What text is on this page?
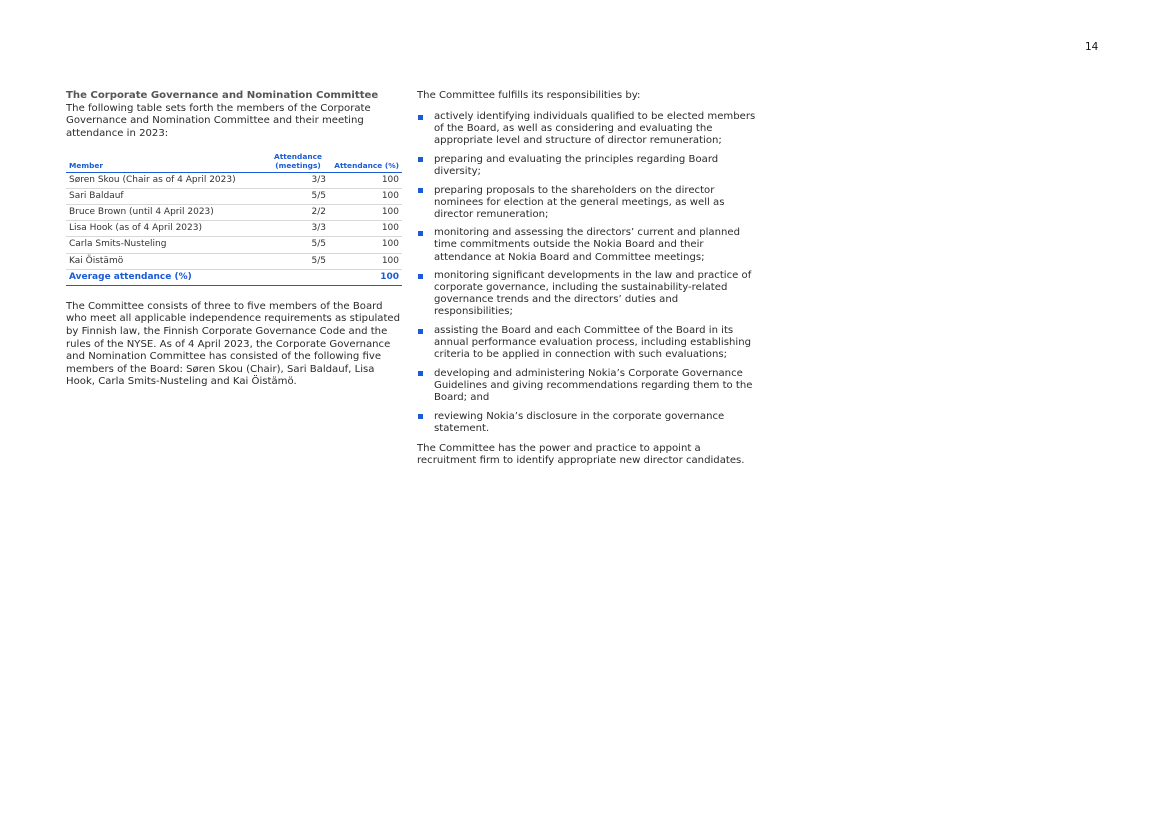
14

The Corporate Governance and Nomination Committee

The following table sets forth the members of the Corporate Governance and Nomination Committee and their meeting attendance in 2023:

Member	Attendance (meetings)	Attendance (%)
Søren Skou (Chair as of 4 April 2023)	3/3	100
Sari Baldauf	5/5	100
Bruce Brown (until 4 April 2023)	2/2	100
Lisa Hook (as of 4 April 2023)	3/3	100
Carla Smits-Nusteling	5/5	100
Kai Öistämö	5/5	100
Average attendance (%)		100

The Committee consists of three to five members of the Board who meet all applicable independence requirements as stipulated by Finnish law, the Finnish Corporate Governance Code and the rules of the NYSE. As of 4 April 2023, the Corporate Governance and Nomination Committee has consisted of the following five members of the Board: Søren Skou (Chair), Sari Baldauf, Lisa Hook, Carla Smits-Nusteling and Kai Öistämö.

The Committee fulfills its responsibilities by:

actively identifying individuals qualified to be elected members of the Board, as well as considering and evaluating the appropriate level and structure of director remuneration;
preparing and evaluating the principles regarding Board diversity;
preparing proposals to the shareholders on the director nominees for election at the general meetings, as well as director remuneration;
monitoring and assessing the directors’ current and planned time commitments outside the Nokia Board and their attendance at Nokia Board and Committee meetings;
monitoring significant developments in the law and practice of corporate governance, including the sustainability-related governance trends and the directors’ duties and responsibilities;
assisting the Board and each Committee of the Board in its annual performance evaluation process, including establishing criteria to be applied in connection with such evaluations;
developing and administering Nokia’s Corporate Governance Guidelines and giving recommendations regarding them to the Board; and
reviewing Nokia’s disclosure in the corporate governance statement.

The Committee has the power and practice to appoint a recruitment firm to identify appropriate new director candidates.
